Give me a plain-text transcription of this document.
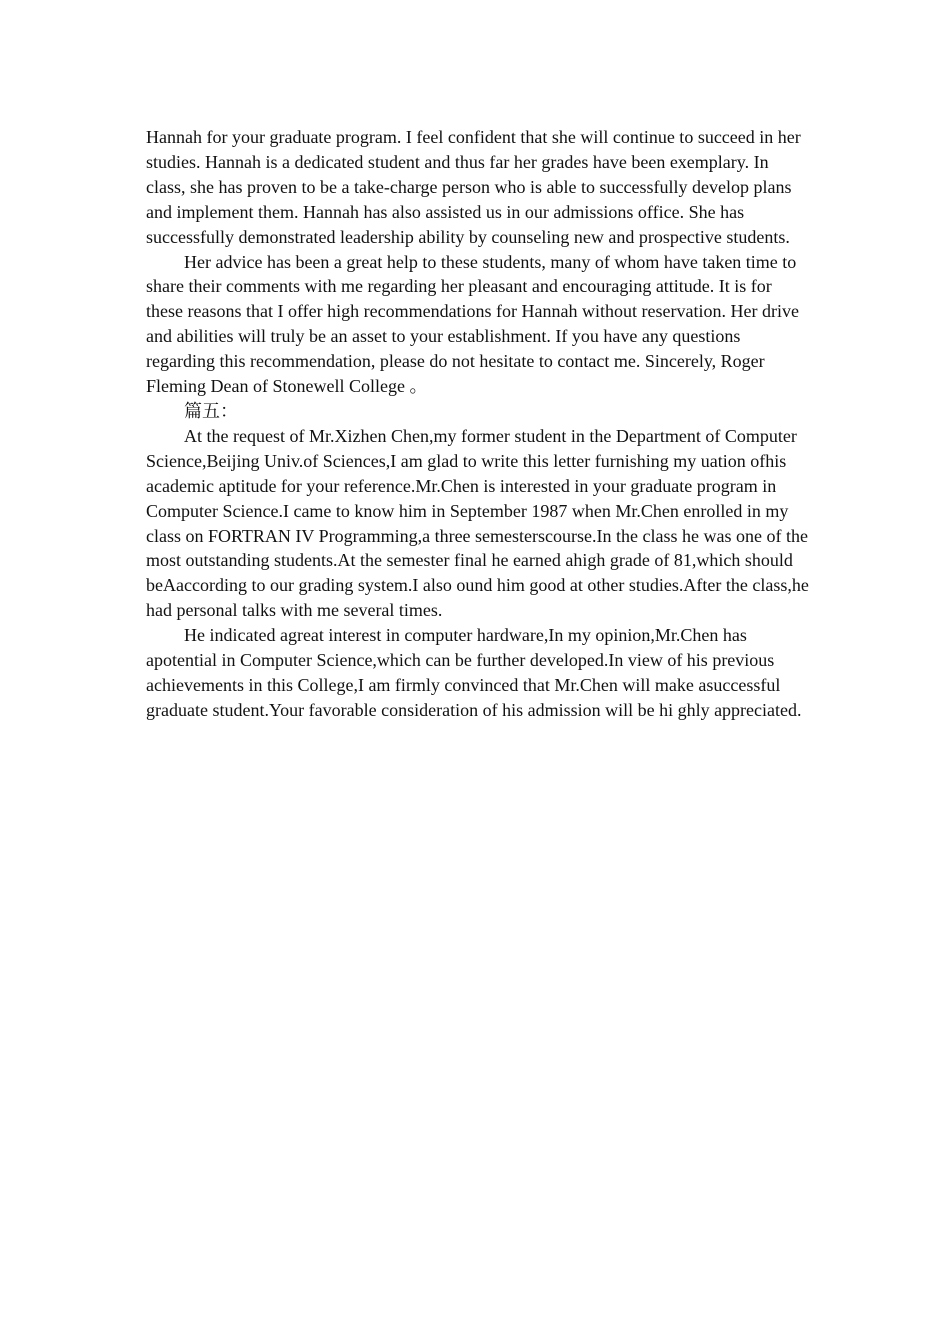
Hannah for your graduate program. I feel confident that she will continue to succeed in her studies. Hannah is a dedicated student and thus far her grades have been exemplary. In class, she has proven to be a take-charge person who is able to successfully develop plans and implement them. Hannah has also assisted us in our admissions office. She has successfully demonstrated leadership ability by counseling new and prospective students.

Her advice has been a great help to these students, many of whom have taken time to share their comments with me regarding her pleasant and encouraging attitude. It is for these reasons that I offer high recommendations for Hannah without reservation. Her drive and abilities will truly be an asset to your establishment. If you have any questions regarding this recommendation, please do not hesitate to contact me. Sincerely, Roger Fleming Dean of Stonewell College 。

篇五：

At the request of Mr.Xizhen Chen,my former student in the Department of Computer Science,Beijing Univ.of Sciences,I am glad to write this letter furnishing my uation ofhis academic aptitude for your reference.Mr.Chen is interested in your graduate program in Computer Science.I came to know him in September 1987 when Mr.Chen enrolled in my class on FORTRAN IV Programming,a three semesterscourse.In the class he was one of the most outstanding students.At the semester final he earned ahigh grade of 81,which should beAaccording to our grading system.I also ound him good at other studies.After the class,he had personal talks with me several times.

He indicated agreat interest in computer hardware,In my opinion,Mr.Chen has apotential in Computer Science,which can be further developed.In view of his previous achievements in this College,I am firmly convinced that Mr.Chen will make asuccessful graduate student.Your favorable consideration of his admission will be hi ghly appreciated.
